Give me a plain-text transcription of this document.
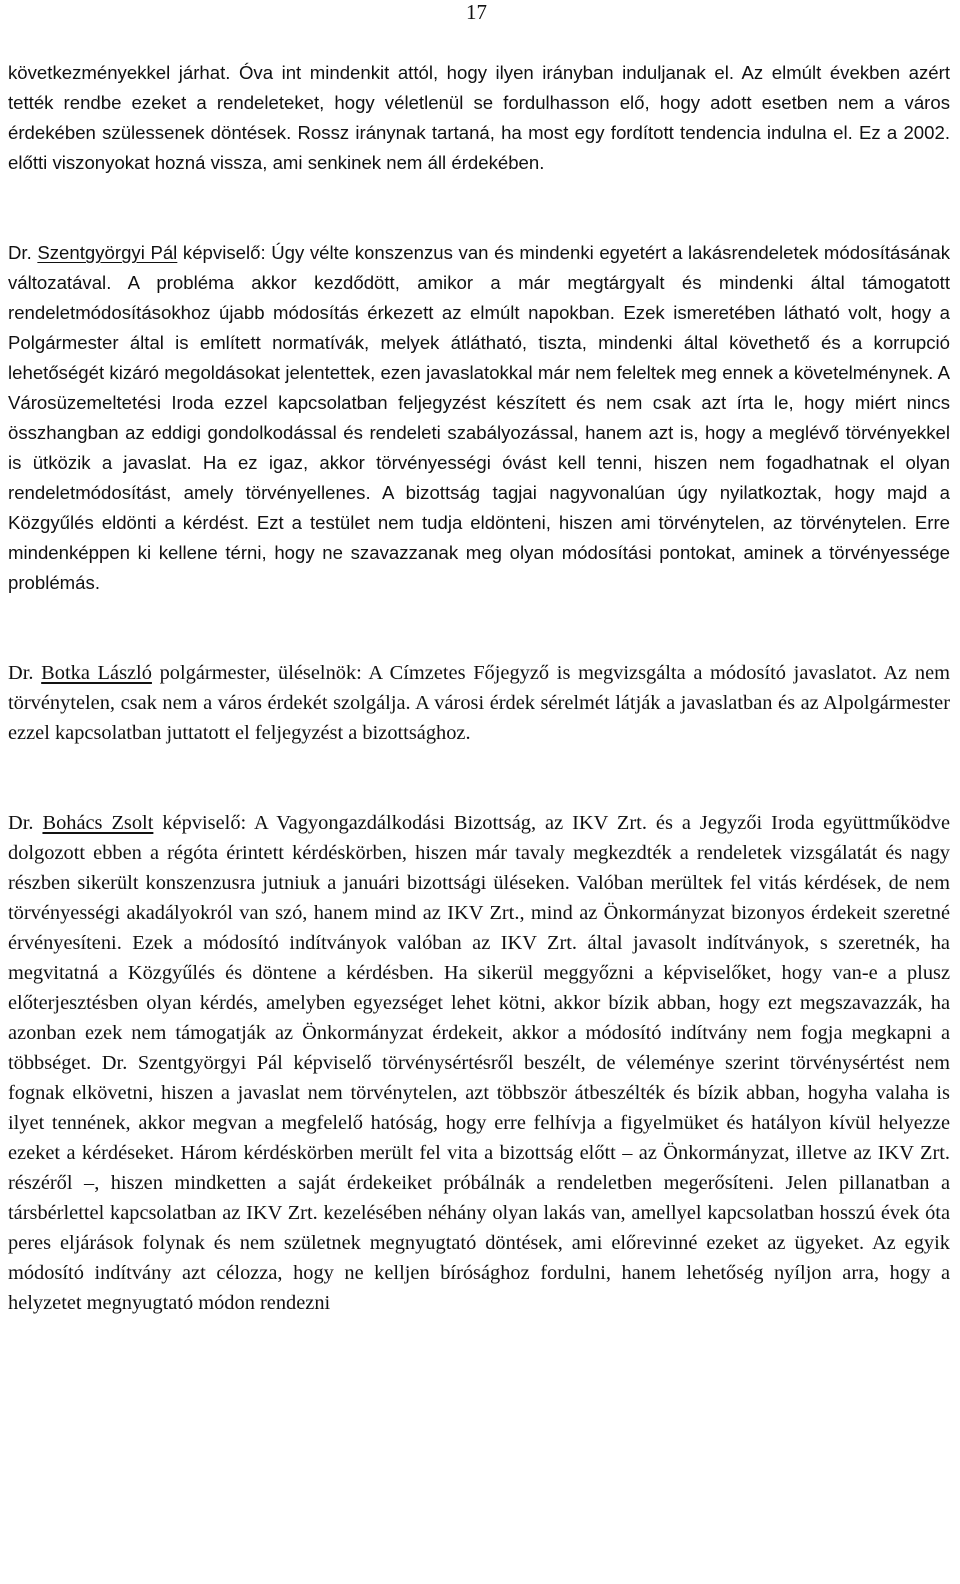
17

következményekkel járhat. Óva int mindenkit attól, hogy ilyen irányban induljanak el. Az elmúlt években azért tették rendbe ezeket a rendeleteket, hogy véletlenül se fordulhasson elő, hogy adott esetben nem a város érdekében szülessenek döntések. Rossz iránynak tartaná, ha most egy fordított tendencia indulna el. Ez a 2002. előtti viszonyokat hozná vissza, ami senkinek nem áll érdekében.

Dr. Szentgyörgyi Pál képviselő: Úgy vélte konszenzus van és mindenki egyetért a lakásrendeletek módosításának változatával. A probléma akkor kezdődött, amikor a már megtárgyalt és mindenki által támogatott rendeletmódosításokhoz újabb módosítás érkezett az elmúlt napokban. Ezek ismeretében látható volt, hogy a Polgármester által is említett normatívák, melyek átlátható, tiszta, mindenki által követhető és a korrupció lehetőségét kizáró megoldásokat jelentettek, ezen javaslatokkal már nem feleltek meg ennek a követelménynek. A Városüzemeltetési Iroda ezzel kapcsolatban feljegyzést készített és nem csak azt írta le, hogy miért nincs összhangban az eddigi gondolkodással és rendeleti szabályozással, hanem azt is, hogy a meglévő törvényekkel is ütközik a javaslat. Ha ez igaz, akkor törvényességi óvást kell tenni, hiszen nem fogadhatnak el olyan rendeletmódosítást, amely törvényellenes. A bizottság tagjai nagyvonalúan úgy nyilatkoztak, hogy majd a Közgyűlés eldönti a kérdést. Ezt a testület nem tudja eldönteni, hiszen ami törvénytelen, az törvénytelen. Erre mindenképpen ki kellene térni, hogy ne szavazzanak meg olyan módosítási pontokat, aminek a törvényessége problémás.

Dr. Botka László polgármester, üléselnök: A Címzetes Főjegyző is megvizsgálta a módosító javaslatot. Az nem törvénytelen, csak nem a város érdekét szolgálja. A városi érdek sérelmét látják a javaslatban és az Alpolgármester ezzel kapcsolatban juttatott el feljegyzést a bizottsághoz.

Dr. Bohács Zsolt képviselő: A Vagyongazdálkodási Bizottság, az IKV Zrt. és a Jegyzői Iroda együttműködve dolgozott ebben a régóta érintett kérdéskörben, hiszen már tavaly megkezdték a rendeletek vizsgálatát és nagy részben sikerült konszenzusra jutniuk a januári bizottsági üléseken. Valóban merültek fel vitás kérdések, de nem törvényességi akadályokról van szó, hanem mind az IKV Zrt., mind az Önkormányzat bizonyos érdekeit szeretné érvényesíteni. Ezek a módosító indítványok valóban az IKV Zrt. által javasolt indítványok, s szeretnék, ha megvitatná a Közgyűlés és döntene a kérdésben. Ha sikerül meggyőzni a képviselőket, hogy van-e a plusz előterjesztésben olyan kérdés, amelyben egyezséget lehet kötni, akkor bízik abban, hogy ezt megszavazzák, ha azonban ezek nem támogatják az Önkormányzat érdekeit, akkor a módosító indítvány nem fogja megkapni a többséget. Dr. Szentgyörgyi Pál képviselő törvénysértésről beszélt, de véleménye szerint törvénysértést nem fognak elkövetni, hiszen a javaslat nem törvénytelen, azt többször átbeszélték és bízik abban, hogyha valaha is ilyet tennének, akkor megvan a megfelelő hatóság, hogy erre felhívja a figyelmüket és hatályon kívül helyezze ezeket a kérdéseket. Három kérdéskörben merült fel vita a bizottság előtt – az Önkormányzat, illetve az IKV Zrt. részéről –, hiszen mindketten a saját érdekeiket próbálnák a rendeletben megerősíteni. Jelen pillanatban a társbérlettel kapcsolatban az IKV Zrt. kezelésében néhány olyan lakás van, amellyel kapcsolatban hosszú évek óta peres eljárások folynak és nem születnek megnyugtató döntések, ami előrevinné ezeket az ügyeket. Az egyik módosító indítvány azt célozza, hogy ne kelljen bírósághoz fordulni, hanem lehetőség nyíljon arra, hogy a helyzetet megnyugtató módon rendezni
